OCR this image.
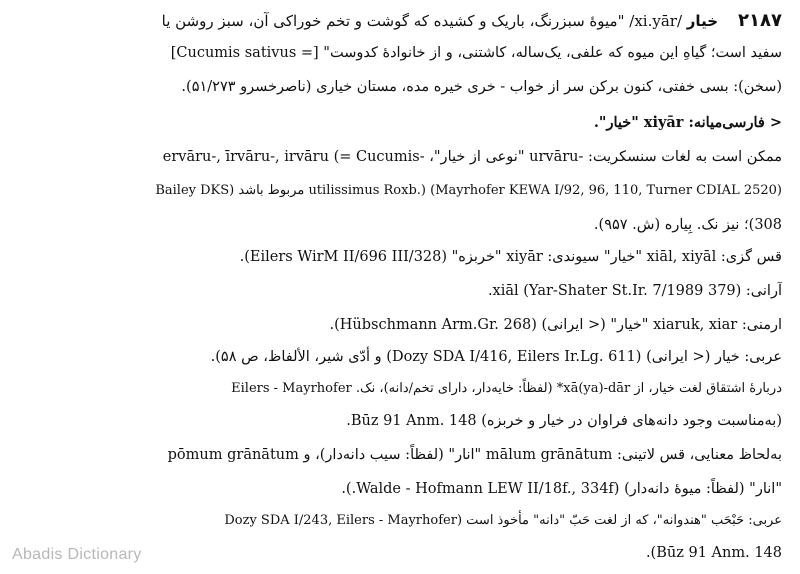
۲۱۸۷
خیار /xi.yār/ "میوهٔ سبزرنگ، باریک و کشیده که گوشت و تخم خوراکی آن، سبز روشن یا
سفید است؛ گیاهِ این میوه که علفی، یک‌ساله، کاشتنی، و از خانوادهٔ کدوست" [= Cucumis sativus]
(سخن): بسی خفتی، کنون برکن سر از خواب - خری خیره مده، مستان خیاری (ناصرخسرو ۵۱/۲۷۳).
< فارسی‌میانه: xiyār "خیار".
ممکن است به لغات سنسکریت: -urvāru "نوعی از خیار"، -ervāru-, īrvāru-, irvāru (= Cucumis
utilissimus Roxb.) (Mayrhofer KEWA I/92, 96, 110, Turner CDIAL 2520) مربوط باشد (Bailey DKS
308)؛ نیز نک. بِیاره (ش. ۹۵۷).
قس گزی: xiāl, xiyāl "خیار" سیوندی: xiyār "خربزه" (Eilers WirM II/696 III/328).
آرانی: xiāl (Yar-Shater St.Ir. 7/1989 379).
ارمنی: xiaruk, xiar "خیار" (< ایرانی) (Hübschmann Arm.Gr. 268).
عربی: خیار (< ایرانی) (Dozy SDA I/416, Eilers Ir.Lg. 611) و أدّی شیر، الألفاظ، ص ۵۸).
دربارهٔ اشتقاق لغت خیار، از xā(ya)-dār* (لفظاً: خایه‌دار، دارای تخم/دانه)، نک. Eilers - Mayrhofer
(به‌مناسبت وجود دانه‌های فراوان در خیار و خربزه) Būz 91 Anm. 148.
به‌لحاظ معنایی، قس لاتینی: mālum grānātum "انار" (لفظاً: سیب دانه‌دار)، و pōmum grānātum
"انار" (لفظاً: میوهٔ دانه‌دار) (Walde - Hofmann LEW II/18f., 334f.).
عربی: حَبْحَب "هندوانه"، که از لغت حَبّ "دانه" مأخوذ است (Dozy SDA I/243, Eilers - Mayrhofer
Būz 91 Anm. 148).
Abadis Dictionary
